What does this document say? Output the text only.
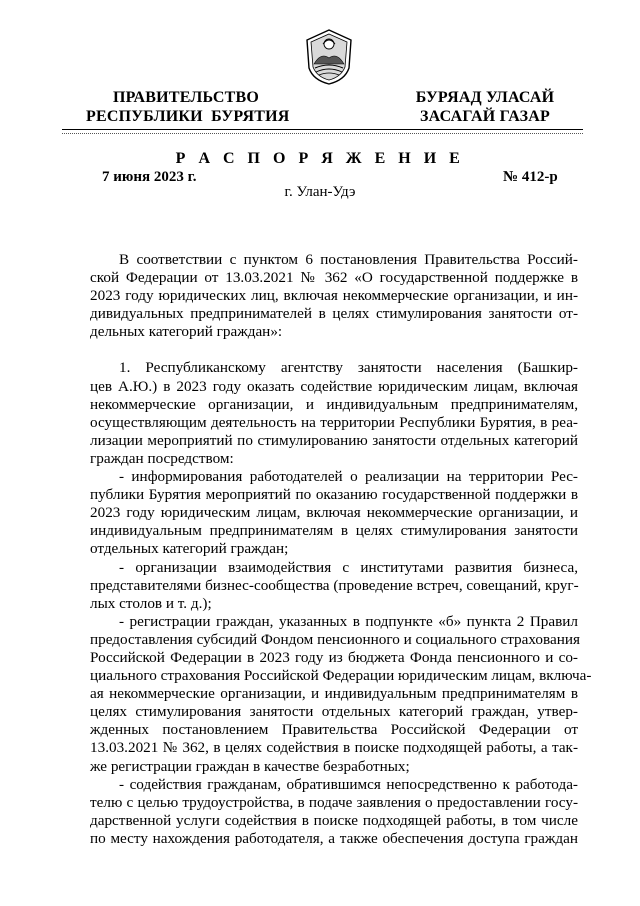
ПРАВИТЕЛЬСТВО
РЕСПУБЛИКИ  БУРЯТИЯ
БУРЯАД УЛАСАЙ
ЗАСАГАЙ ГАЗАР
Р А С П О Р Я Ж Е Н И Е
7 июня 2023 г.	№ 412-р
г. Улан-Удэ
В соответствии с пунктом 6 постановления Правительства Россий-
ской Федерации от 13.03.2021 № 362 «О государственной поддержке в
2023 году юридических лиц, включая некоммерческие организации, и ин-
дивидуальных предпринимателей в целях стимулирования занятости от-
дельных категорий граждан»:
1. Республиканскому агентству занятости населения (Башкир-
цев А.Ю.) в 2023 году оказать содействие юридическим лицам, включая
некоммерческие организации, и индивидуальным предпринимателям,
осуществляющим деятельность на территории Республики Бурятия, в реа-
лизации мероприятий по стимулированию занятости отдельных категорий
граждан посредством:
- информирования работодателей о реализации на территории Рес-
публики Бурятия мероприятий по оказанию государственной поддержки в
2023 году юридическим лицам, включая некоммерческие организации, и
индивидуальным предпринимателям в целях стимулирования занятости
отдельных категорий граждан;
- организации взаимодействия с институтами развития бизнеса,
представителями бизнес-сообщества (проведение встреч, совещаний, круг-
лых столов и т. д.);
- регистрации граждан, указанных в подпункте «б» пункта 2 Правил
предоставления субсидий Фондом пенсионного и социального страхования
Российской Федерации в 2023 году из бюджета Фонда пенсионного и со-
циального страхования Российской Федерации юридическим лицам, включа-
ая некоммерческие организации, и индивидуальным предпринимателям в
целях стимулирования занятости отдельных категорий граждан, утвер-
жденных постановлением Правительства Российской Федерации от
13.03.2021 № 362, в целях содействия в поиске подходящей работы, а так-
же регистрации граждан в качестве безработных;
- содействия гражданам, обратившимся непосредственно к работода-
телю с целью трудоустройства, в подаче заявления о предоставлении госу-
дарственной услуги содействия в поиске подходящей работы, в том числе
по месту нахождения работодателя, а также обеспечения доступа граждан
